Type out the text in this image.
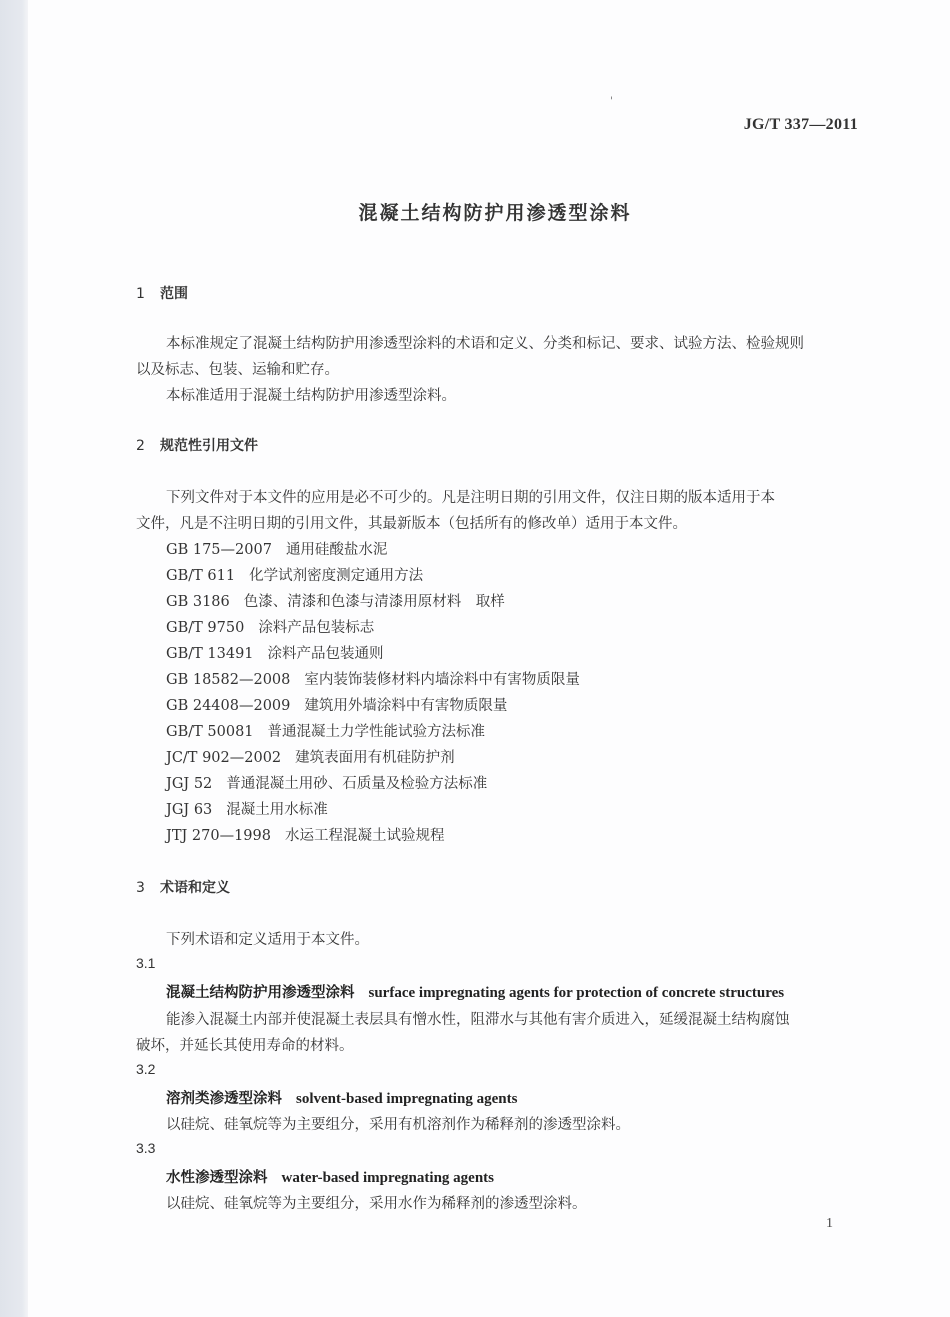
'
JG/T 337—2011
混凝土结构防护用渗透型涂料
1 范围
本标准规定了混凝土结构防护用渗透型涂料的术语和定义、分类和标记、要求、试验方法、检验规则
以及标志、包装、运输和贮存。
本标准适用于混凝土结构防护用渗透型涂料。
2 规范性引用文件
下列文件对于本文件的应用是必不可少的。凡是注明日期的引用文件，仅注日期的版本适用于本
文件，凡是不注明日期的引用文件，其最新版本（包括所有的修改单）适用于本文件。
GB 175—2007 通用硅酸盐水泥
GB/T 611 化学试剂密度测定通用方法
GB 3186 色漆、清漆和色漆与清漆用原材料　取样
GB/T 9750 涂料产品包装标志
GB/T 13491 涂料产品包装通则
GB 18582—2008 室内装饰装修材料内墙涂料中有害物质限量
GB 24408—2009 建筑用外墙涂料中有害物质限量
GB/T 50081 普通混凝土力学性能试验方法标准
JC/T 902—2002 建筑表面用有机硅防护剂
JGJ 52 普通混凝土用砂、石质量及检验方法标准
JGJ 63 混凝土用水标准
JTJ 270—1998 水运工程混凝土试验规程
3 术语和定义
下列术语和定义适用于本文件。
3.1
混凝土结构防护用渗透型涂料 surface impregnating agents for protection of concrete structures
能渗入混凝土内部并使混凝土表层具有憎水性，阻滞水与其他有害介质进入，延缓混凝土结构腐蚀
破坏，并延长其使用寿命的材料。
3.2
溶剂类渗透型涂料 solvent-based impregnating agents
以硅烷、硅氧烷等为主要组分，采用有机溶剂作为稀释剂的渗透型涂料。
3.3
水性渗透型涂料 water-based impregnating agents
以硅烷、硅氧烷等为主要组分，采用水作为稀释剂的渗透型涂料。
1
